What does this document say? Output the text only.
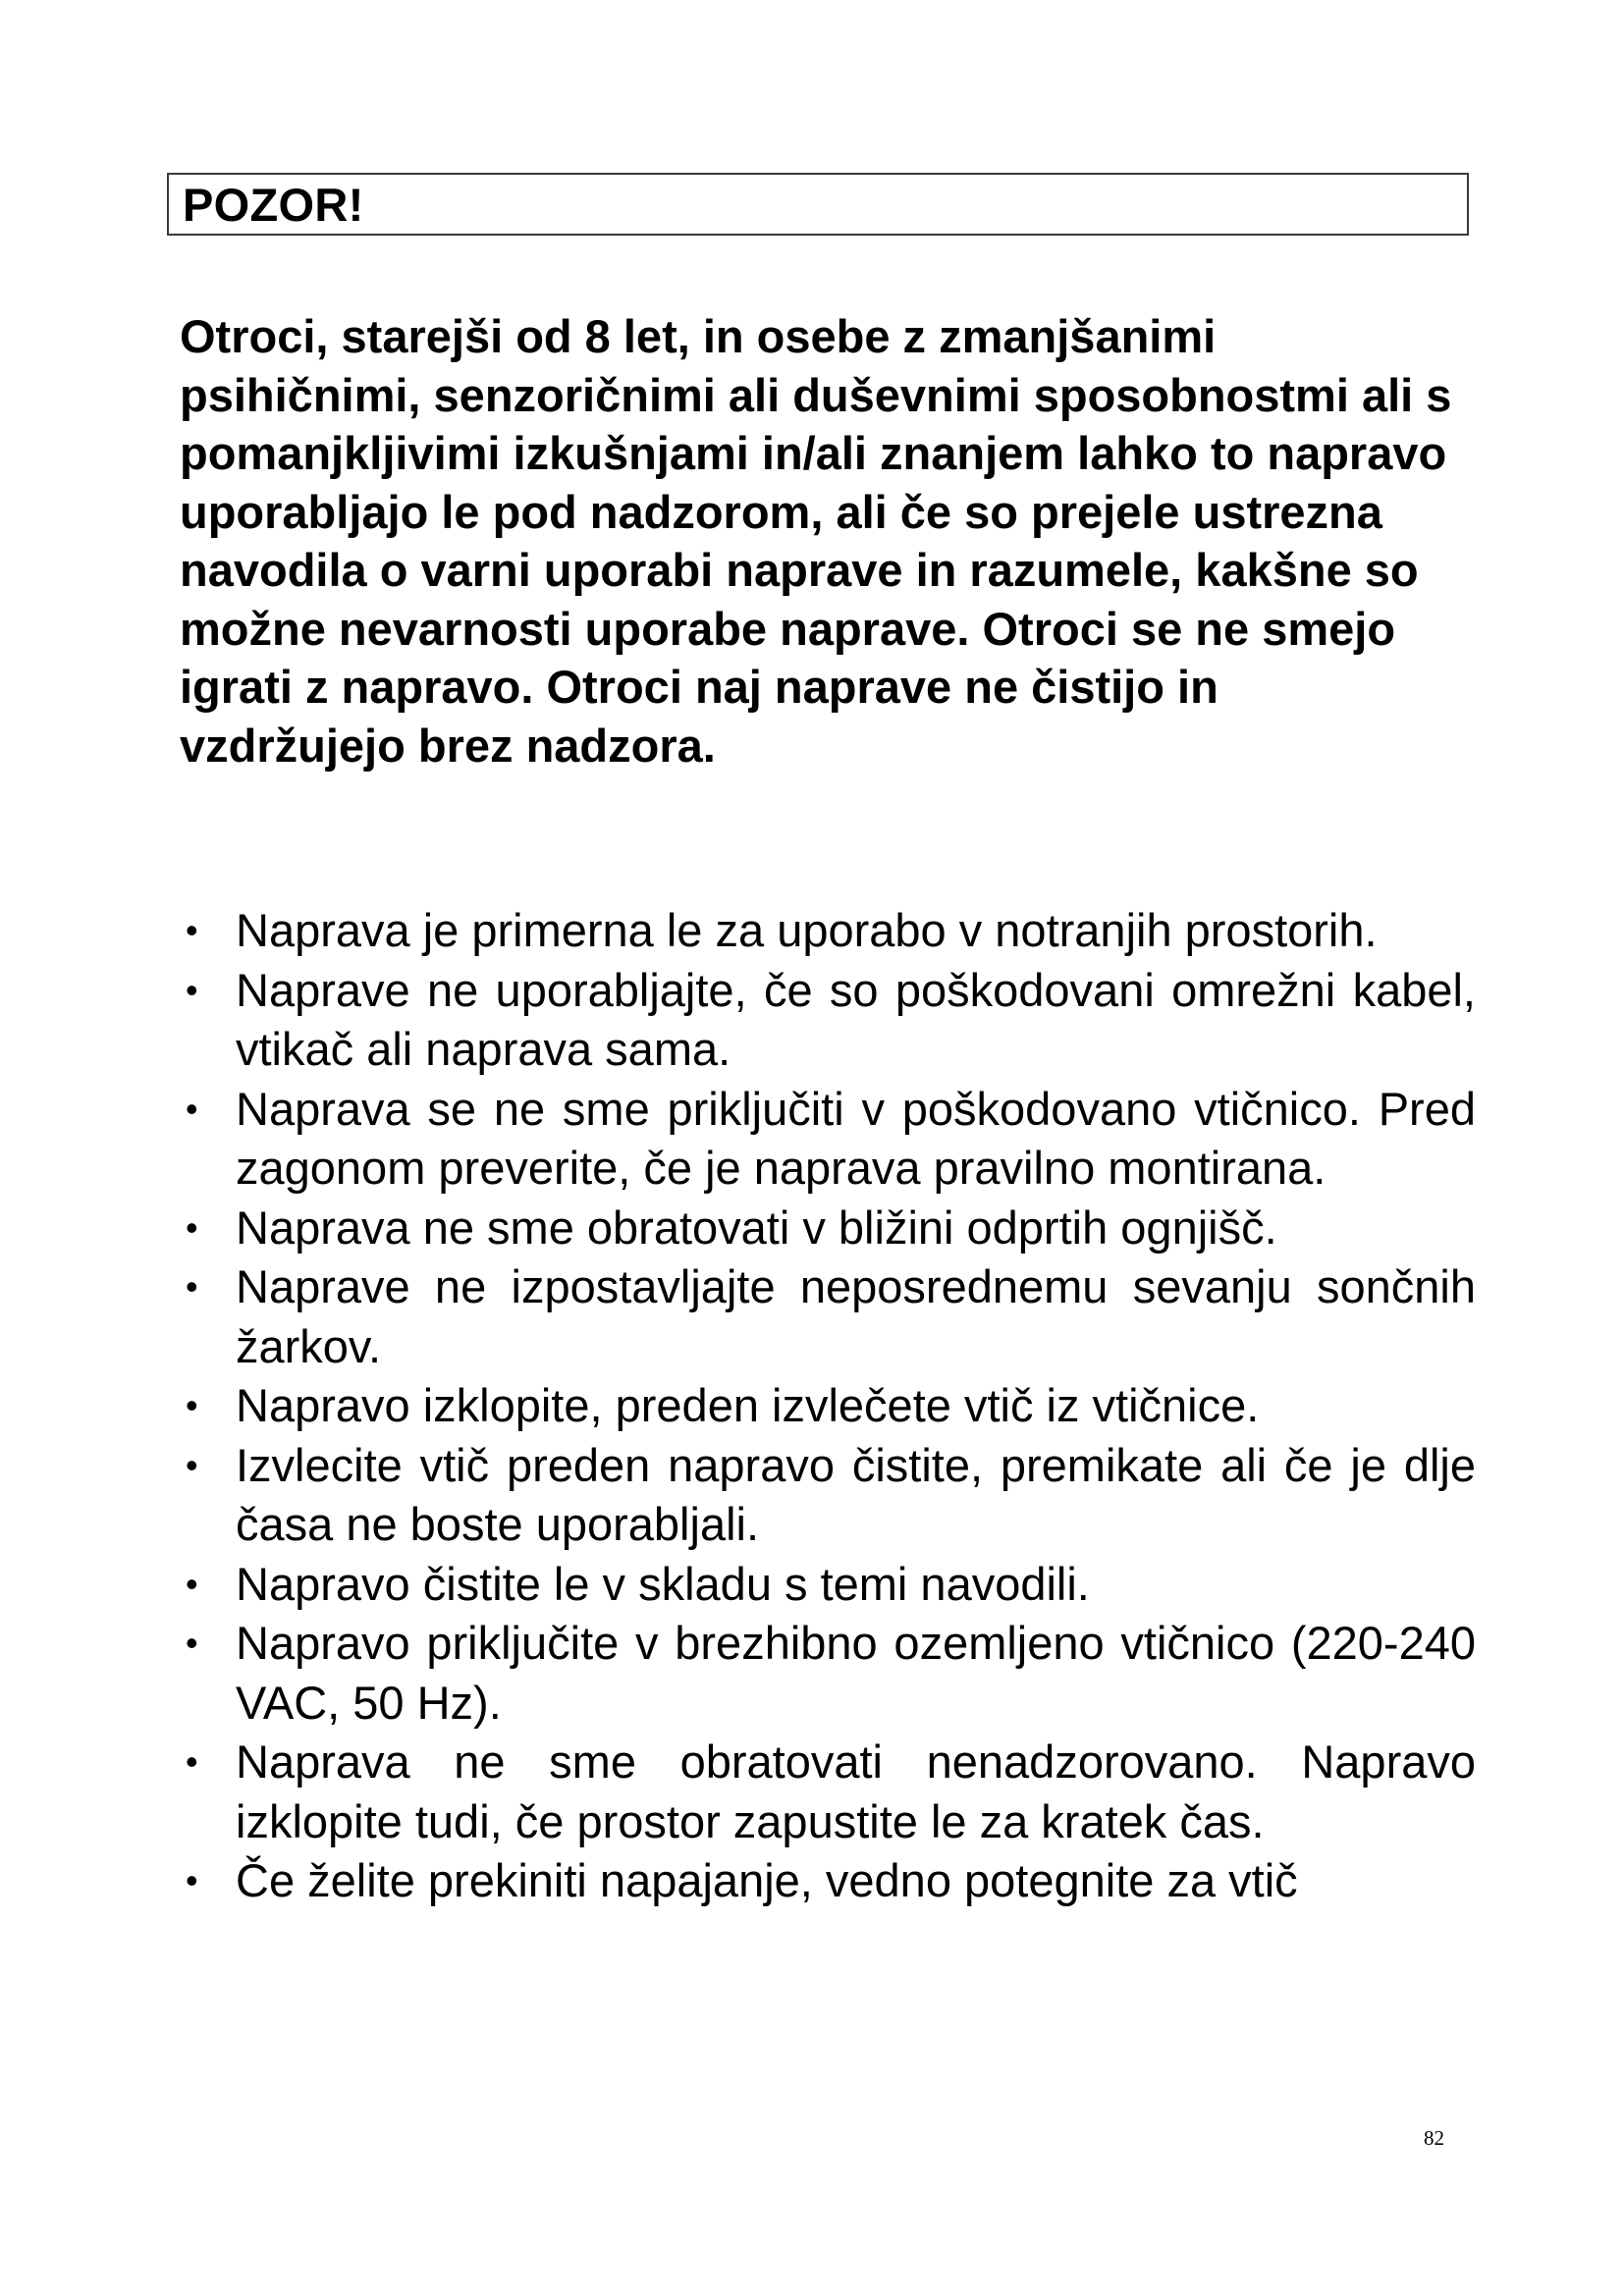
POZOR!

Otroci, starejši od 8 let, in osebe z zmanjšanimi psihičnimi, senzoričnimi ali duševnimi sposobnostmi ali s pomanjkljivimi izkušnjami in/ali znanjem lahko to napravo uporabljajo le pod nadzorom, ali če so prejele ustrezna navodila o varni uporabi naprave in razumele, kakšne so možne nevarnosti uporabe naprave. Otroci se ne smejo igrati z napravo. Otroci naj naprave ne čistijo in vzdržujejo brez nadzora.

• Naprava je primerna le za uporabo v notranjih prostorih.
• Naprave ne uporabljajte, če so poškodovani omrežni kabel, vtikač ali naprava sama.
• Naprava se ne sme priključiti v poškodovano vtičnico. Pred zagonom preverite, če je naprava pravilno montirana.
• Naprava ne sme obratovati v bližini odprtih ognjišč.
• Naprave ne izpostavljajte neposrednemu sevanju sončnih žarkov.
• Napravo izklopite, preden izvlečete vtič iz vtičnice.
• Izvlecite vtič preden napravo čistite, premikate ali če je dlje časa ne boste uporabljali.
• Napravo čistite le v skladu s temi navodili.
• Napravo priključite v brezhibno ozemljeno vtičnico (220-240 VAC, 50 Hz).
• Naprava ne sme obratovati nenadzorovano. Napravo izklopite tudi, če prostor zapustite le za kratek čas.
• Če želite prekiniti napajanje, vedno potegnite za vtič
82
